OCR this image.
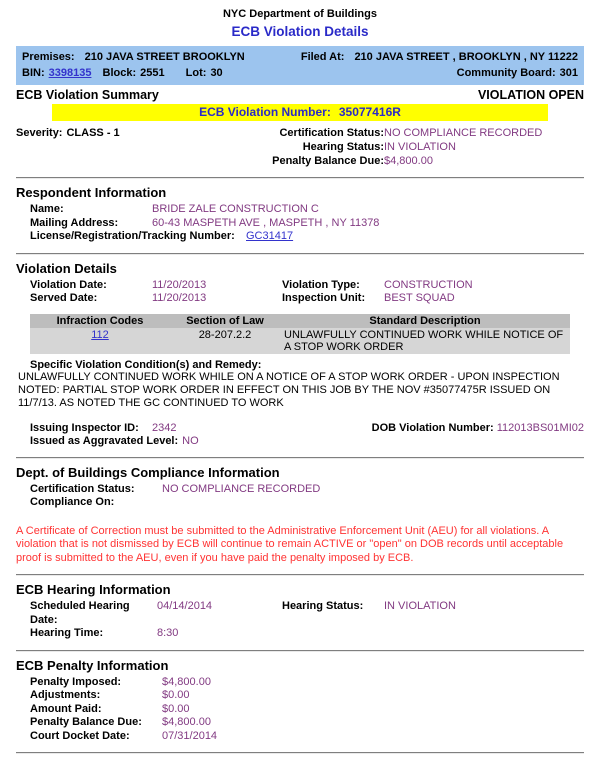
NYC Department of Buildings
ECB Violation Details
Premises: 210 JAVA STREET BROOKLYN	Filed At: 210 JAVA STREET , BROOKLYN , NY 11222
BIN: 3398135 Block: 2551 Lot: 30	Community Board: 301
ECB Violation Summary	VIOLATION OPEN
ECB Violation Number: 35077416R
Severity: CLASS - 1	Certification Status: NO COMPLIANCE RECORDED
Hearing Status: IN VIOLATION
Penalty Balance Due: $4,800.00
Respondent Information
Name:	BRIDE ZALE CONSTRUCTION C
Mailing Address:	60-43 MASPETH AVE , MASPETH , NY 11378
License/Registration/Tracking Number:	GC31417
Violation Details
Violation Date:	11/20/2013	Violation Type:	CONSTRUCTION
Served Date:	11/20/2013	Inspection Unit:	BEST SQUAD
Infraction Codes	Section of Law	Standard Description
112	28-207.2.2	UNLAWFULLY CONTINUED WORK WHILE NOTICE OF A STOP WORK ORDER
Specific Violation Condition(s) and Remedy:
UNLAWFULLY CONTINUED WORK WHILE ON A NOTICE OF A STOP WORK ORDER - UPON INSPECTION NOTED: PARTIAL STOP WORK ORDER IN EFFECT ON THIS JOB BY THE NOV #35077475R ISSUED ON 11/7/13. AS NOTED THE GC CONTINUED TO WORK
Issuing Inspector ID:	2342	DOB Violation Number: 112013BS01MI02
Issued as Aggravated Level: NO
Dept. of Buildings Compliance Information
Certification Status:	NO COMPLIANCE RECORDED
Compliance On:
A Certificate of Correction must be submitted to the Administrative Enforcement Unit (AEU) for all violations. A violation that is not dismissed by ECB will continue to remain ACTIVE or "open" on DOB records until acceptable proof is submitted to the AEU, even if you have paid the penalty imposed by ECB.
ECB Hearing Information
Scheduled Hearing Date:
04/14/2014	Hearing Status:	IN VIOLATION
Hearing Time:	8:30
ECB Penalty Information
Penalty Imposed:	$4,800.00
Adjustments:	$0.00
Amount Paid:	$0.00
Penalty Balance Due:	$4,800.00
Court Docket Date:	07/31/2014
